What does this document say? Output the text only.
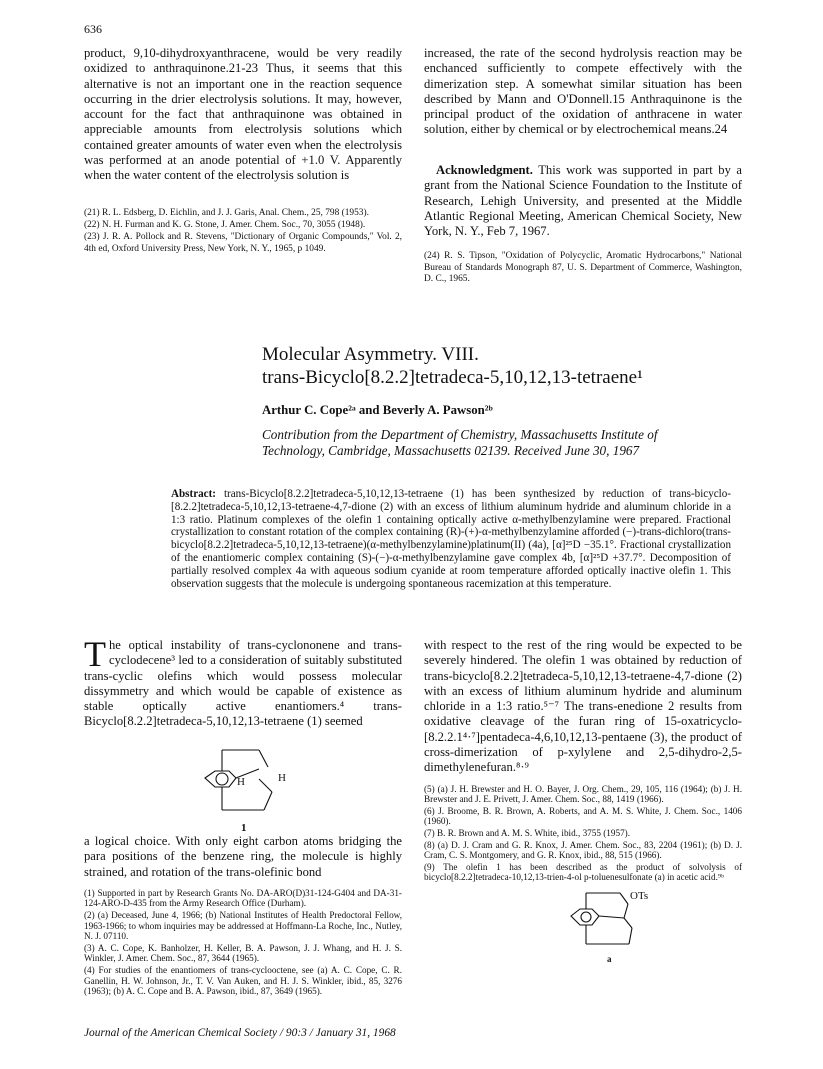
636

product, 9,10-dihydroxyanthracene, would be very readily oxidized to anthraquinone.21-23 Thus, it seems that this alternative is not an important one in the reaction sequence occurring in the drier electrolysis solutions. It may, however, account for the fact that anthraquinone was obtained in appreciable amounts from electrolysis solutions which contained greater amounts of water even when the electrolysis was performed at an anode potential of +1.0 V. Apparently when the water content of the electrolysis solution is

(21) R. L. Edsberg, D. Eichlin, and J. J. Garis, Anal. Chem., 25, 798 (1953).

(22) N. H. Furman and K. G. Stone, J. Amer. Chem. Soc., 70, 3055 (1948).

(23) J. R. A. Pollock and R. Stevens, "Dictionary of Organic Compounds," Vol. 2, 4th ed, Oxford University Press, New York, N. Y., 1965, p 1049.

increased, the rate of the second hydrolysis reaction may be enchanced sufficiently to compete effectively with the dimerization step. A somewhat similar situation has been described by Mann and O'Donnell.15 Anthraquinone is the principal product of the oxidation of anthracene in water solution, either by chemical or by electrochemical means.24

Acknowledgment. This work was supported in part by a grant from the National Science Foundation to the Institute of Research, Lehigh University, and presented at the Middle Atlantic Regional Meeting, American Chemical Society, New York, N. Y., Feb 7, 1967.

(24) R. S. Tipson, "Oxidation of Polycyclic, Aromatic Hydrocarbons," National Bureau of Standards Monograph 87, U. S. Department of Commerce, Washington, D. C., 1965.

Molecular Asymmetry. VIII.
trans-Bicyclo[8.2.2]tetradeca-5,10,12,13-tetraene¹
Arthur C. Cope²ᵃ and Beverly A. Pawson²ᵇ
Contribution from the Department of Chemistry, Massachusetts Institute of
Technology, Cambridge, Massachusetts 02139. Received June 30, 1967
Abstract: trans-Bicyclo[8.2.2]tetradeca-5,10,12,13-tetraene (1) has been synthesized by reduction of trans-bicyclo-[8.2.2]tetradeca-5,10,12,13-tetraene-4,7-dione (2) with an excess of lithium aluminum hydride and aluminum chloride in a 1:3 ratio. Platinum complexes of the olefin 1 containing optically active α-methylbenzylamine were prepared. Fractional crystallization to constant rotation of the complex containing (R)-(+)-α-methylbenzylamine afforded (−)-trans-dichloro(trans-bicyclo[8.2.2]tetradeca-5,10,12,13-tetraene)(α-methylbenzylamine)platinum(II) (4a), [α]²⁵D −35.1°. Fractional crystallization of the enantiomeric complex containing (S)-(−)-α-methylbenzylamine gave complex 4b, [α]²⁵D +37.7°. Decomposition of partially resolved complex 4a with aqueous sodium cyanide at room temperature afforded optically inactive olefin 1. This observation suggests that the molecule is undergoing spontaneous racemization at this temperature.

The optical instability of trans-cyclononene and trans-cyclodecene³ led to a consideration of suitably substituted trans-cyclic olefins which would possess molecular dissymmetry and which would be capable of existence as stable optically active enantiomers.⁴ trans-Bicyclo[8.2.2]tetradeca-5,10,12,13-tetraene (1) seemed

H	H
1

a logical choice. With only eight carbon atoms bridging the para positions of the benzene ring, the molecule is highly strained, and rotation of the trans-olefinic bond

(1) Supported in part by Research Grants No. DA-ARO(D)31-124-G404 and DA-31-124-ARO-D-435 from the Army Research Office (Durham).

(2) (a) Deceased, June 4, 1966; (b) National Institutes of Health Predoctoral Fellow, 1963-1966; to whom inquiries may be addressed at Hoffmann-La Roche, Inc., Nutley, N. J. 07110.

(3) A. C. Cope, K. Banholzer, H. Keller, B. A. Pawson, J. J. Whang, and H. J. S. Winkler, J. Amer. Chem. Soc., 87, 3644 (1965).

(4) For studies of the enantiomers of trans-cyclooctene, see (a) A. C. Cope, C. R. Ganellin, H. W. Johnson, Jr., T. V. Van Auken, and H. J. S. Winkler, ibid., 85, 3276 (1963); (b) A. C. Cope and B. A. Pawson, ibid., 87, 3649 (1965).

with respect to the rest of the ring would be expected to be severely hindered. The olefin 1 was obtained by reduction of trans-bicyclo[8.2.2]tetradeca-5,10,12,13-tetraene-4,7-dione (2) with an excess of lithium aluminum hydride and aluminum chloride in a 1:3 ratio.⁵⁻⁷ The trans-enedione 2 results from oxidative cleavage of the furan ring of 15-oxatricyclo-[8.2.2.1⁴·⁷]pentadeca-4,6,10,12,13-pentaene (3), the product of cross-dimerization of p-xylylene and 2,5-dihydro-2,5-dimethylenefuran.⁸·⁹

(5) (a) J. H. Brewster and H. O. Bayer, J. Org. Chem., 29, 105, 116 (1964); (b) J. H. Brewster and J. E. Privett, J. Amer. Chem. Soc., 88, 1419 (1966).

(6) J. Broome, B. R. Brown, A. Roberts, and A. M. S. White, J. Chem. Soc., 1406 (1960).

(7) B. R. Brown and A. M. S. White, ibid., 3755 (1957).

(8) (a) D. J. Cram and G. R. Knox, J. Amer. Chem. Soc., 83, 2204 (1961); (b) D. J. Cram, C. S. Montgomery, and G. R. Knox, ibid., 88, 515 (1966).

(9) The olefin 1 has been described as the product of solvolysis of bicyclo[8.2.2]tetradeca-10,12,13-trien-4-ol p-toluenesulfonate (a) in acetic acid.⁹ᵇ

OTs
a
Journal of the American Chemical Society / 90:3 / January 31, 1968
